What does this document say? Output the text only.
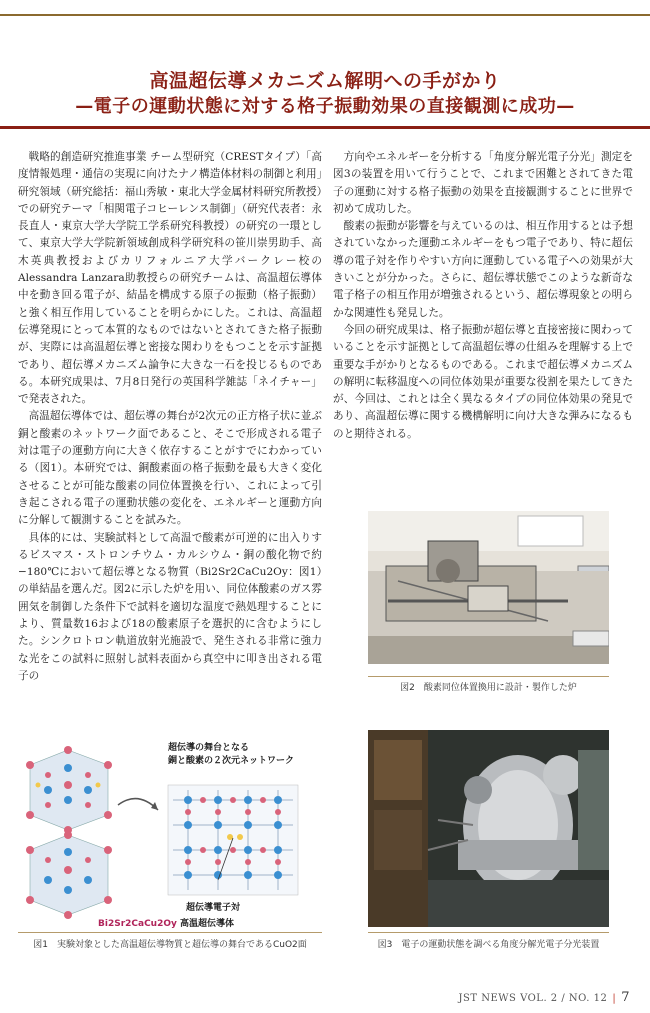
高温超伝導メカニズム解明への手がかり
—電子の運動状態に対する格子振動効果の直接観測に成功—

戦略的創造研究推進事業 チーム型研究（CRESTタイプ）「高度情報処理・通信の実現に向けたナノ構造体材料の制御と利用」研究領域（研究総括：福山秀敏・東北大学金属材料研究所教授）での研究テーマ「相関電子コヒーレンス制御」（研究代表者：永長直人・東京大学大学院工学系研究科教授）の研究の一環として、東京大学大学院新領域創成科学研究科の笹川崇男助手、高木英典教授およびカリフォルニア大学バークレー校のAlessandra Lanzara助教授らの研究チームは、高温超伝導体中を動き回る電子が、結晶を構成する原子の振動（格子振動）と強く相互作用していることを明らかにした。これは、高温超伝導発現にとって本質的なものではないとされてきた格子振動が、実際には高温超伝導と密接な関わりをもつことを示す証拠であり、超伝導メカニズム論争に大きな一石を投じるものである。本研究成果は、7月8日発行の英国科学雑誌「ネイチャー」で発表された。

高温超伝導体では、超伝導の舞台が2次元の正方格子状に並ぶ銅と酸素のネットワーク面であること、そこで形成される電子対は電子の運動方向に大きく依存することがすでにわかっている（図1）。本研究では、銅酸素面の格子振動を最も大きく変化させることが可能な酸素の同位体置換を行い、これによって引き起こされる電子の運動状態の変化を、エネルギーと運動方向に分解して観測することを試みた。

具体的には、実験試料として高温で酸素が可逆的に出入りするビスマス・ストロンチウム・カルシウム・銅の酸化物で約−180℃において超伝導となる物質（Bi2Sr2CaCu2Oy：図1）の単結晶を選んだ。図2に示した炉を用い、同位体酸素のガス雰囲気を制御した条件下で試料を適切な温度で熱処理することにより、質量数16および18の酸素原子を選択的に含むようにした。シンクロトロン軌道放射光施設で、発生される非常に強力な光をこの試料に照射し試料表面から真空中に叩き出される電子の

方向やエネルギーを分析する「角度分解光電子分光」測定を図3の装置を用いて行うことで、これまで困難とされてきた電子の運動に対する格子振動の効果を直接観測することに世界で初めて成功した。

酸素の振動が影響を与えているのは、相互作用するとは予想されていなかった運動エネルギーをもつ電子であり、特に超伝導の電子対を作りやすい方向に運動している電子への効果が大きいことが分かった。さらに、超伝導状態でこのような新奇な電子格子の相互作用が増強されるという、超伝導現象との明らかな関連性も発見した。

今回の研究成果は、格子振動が超伝導と直接密接に関わっていることを示す証拠として高温超伝導の仕組みを理解する上で重要な手がかりとなるものである。これまで超伝導メカニズムの解明に転移温度への同位体効果が重要な役割を果たしてきたが、今回は、これとは全く異なるタイプの同位体効果の発見であり、高温超伝導に関する機構解明に向け大きな弾みになるものと期待される。

図2　酸素同位体置換用に設計・製作した炉
超伝導の舞台となる
銅と酸素の２次元ネットワーク
超伝導電子対
Bi2Sr2CaCu2Oy 高温超伝導体
図1　実験対象とした高温超伝導物質と超伝導の舞台であるCuO2面	図3　電子の運動状態を調べる角度分解光電子分光装置
JST NEWS VOL. 2 / NO. 12 | 7
